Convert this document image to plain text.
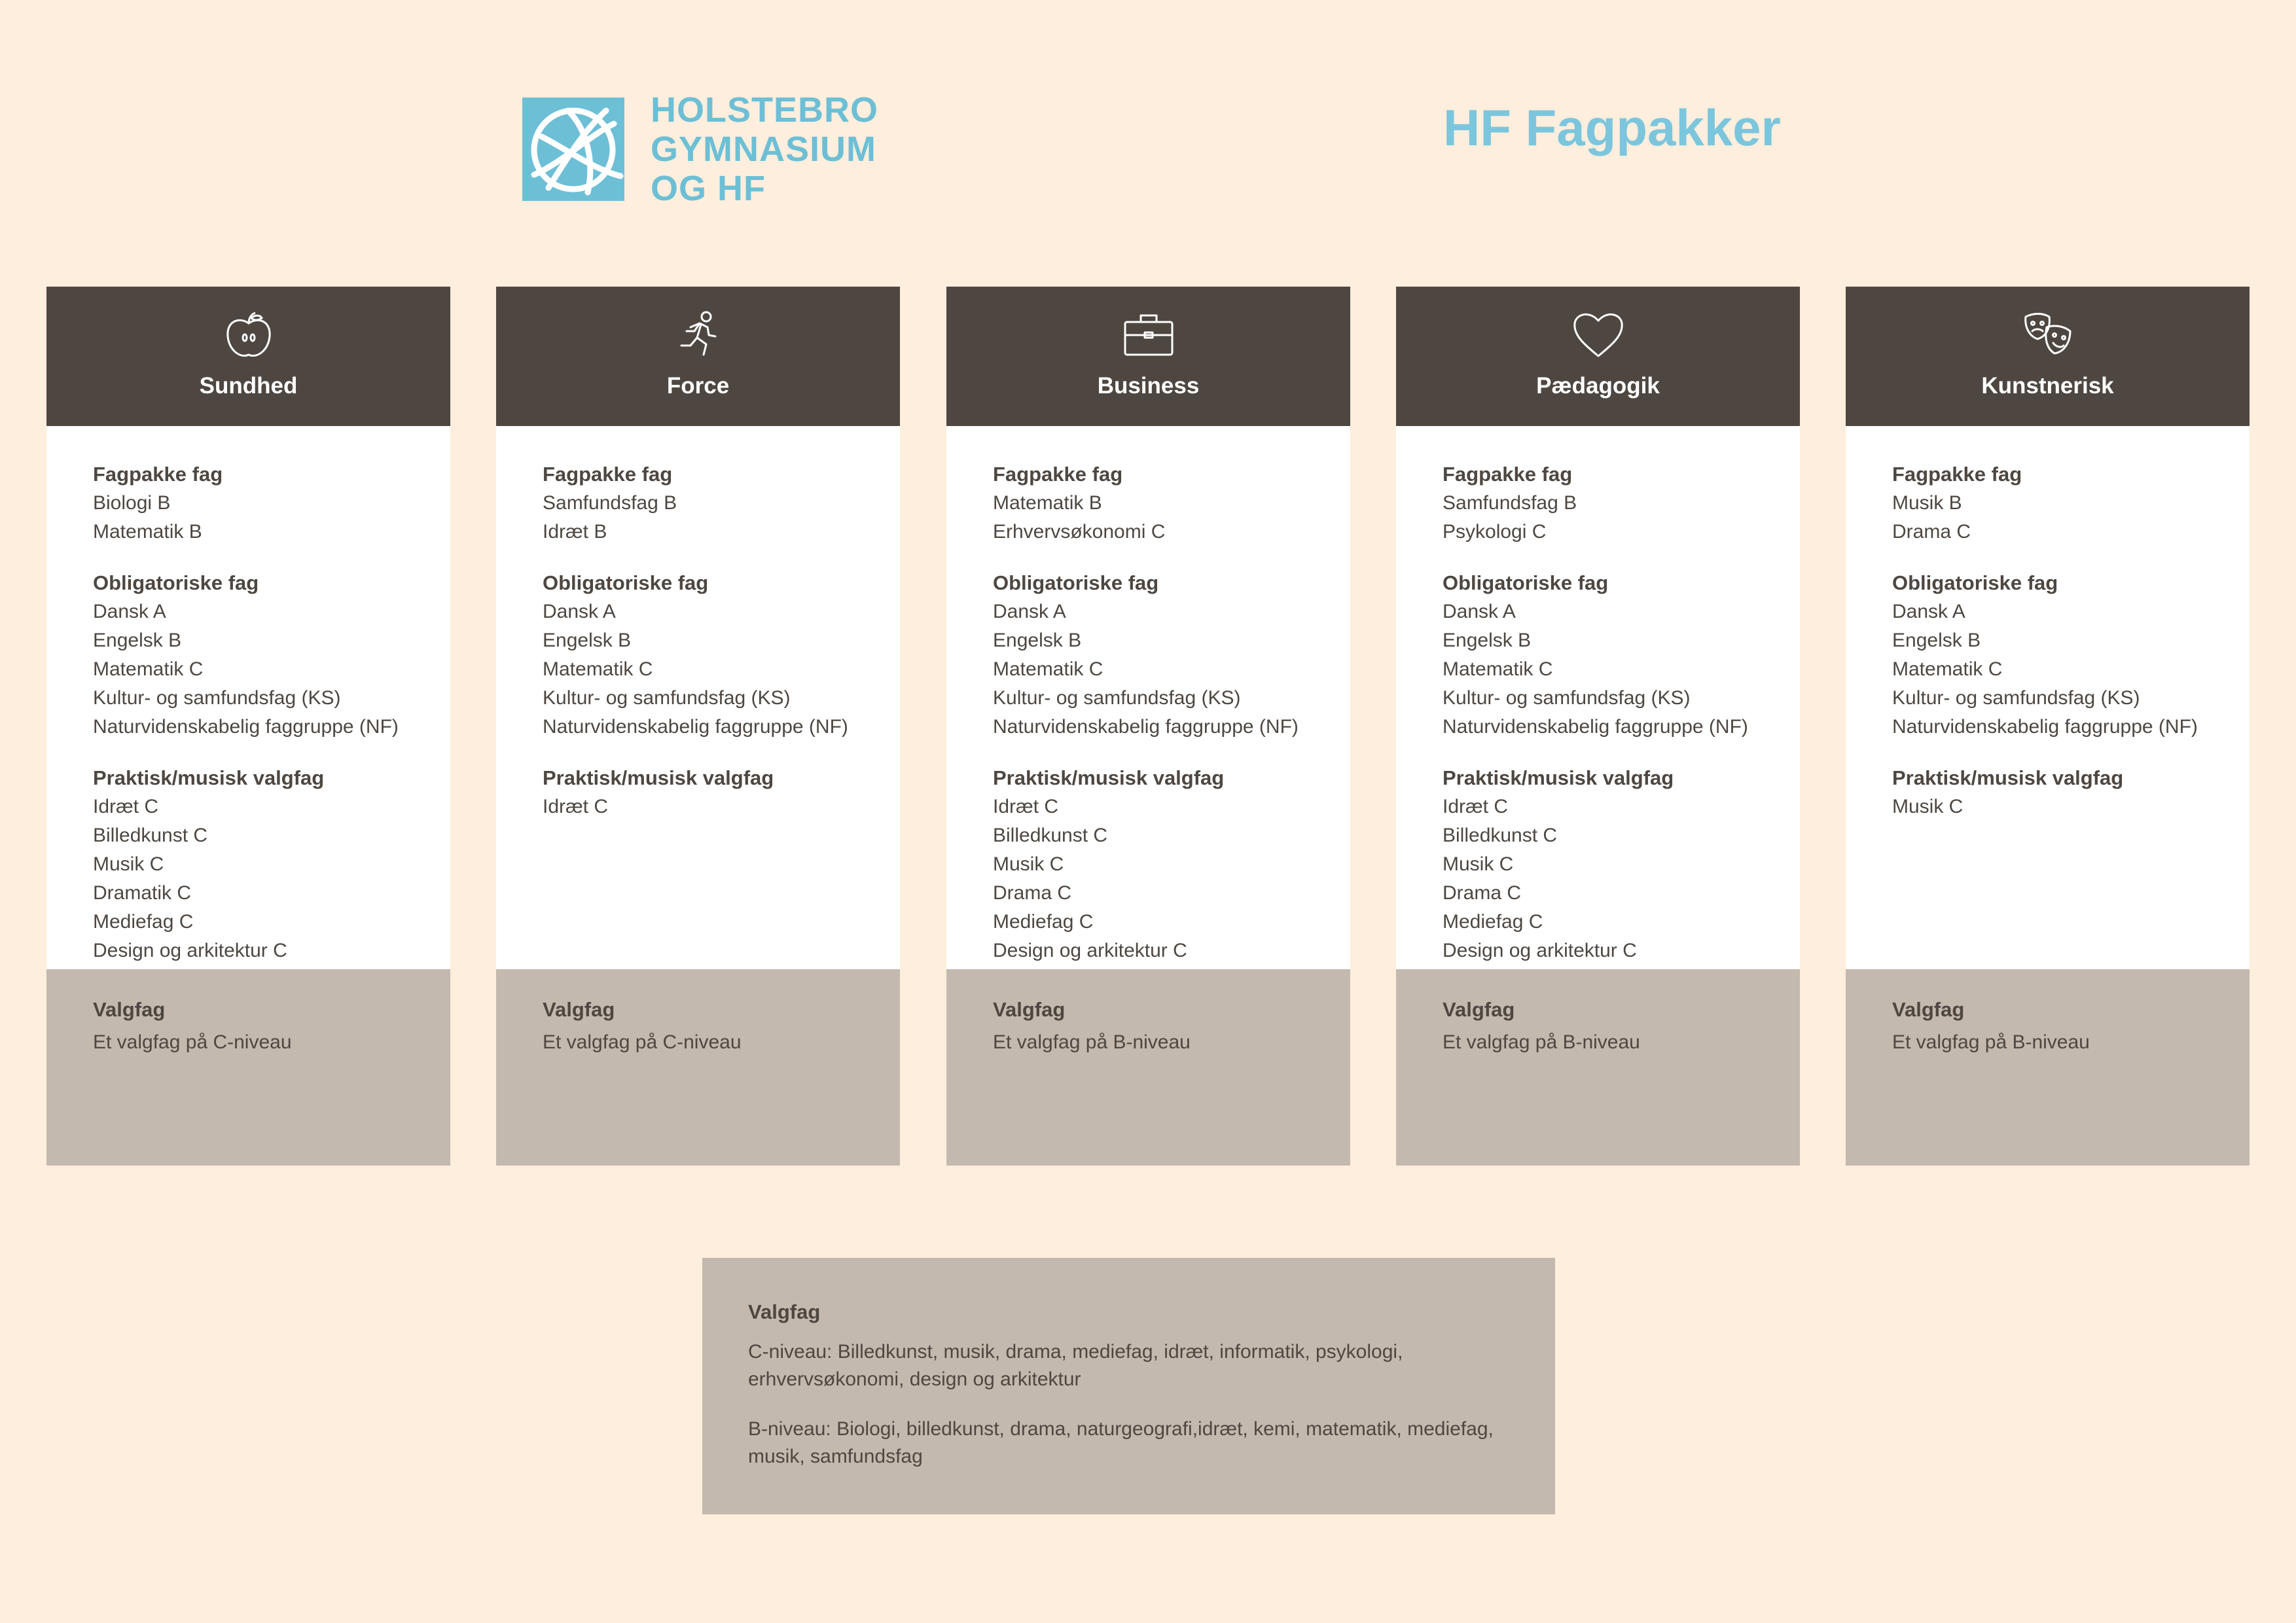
HOLSTEBRO
GYMNASIUM
OG HF
HF Fagpakker
Sundhed
Fagpakke fag
Biologi B
Matematik B
Obligatoriske fag
Dansk A
Engelsk B
Matematik C
Kultur- og samfundsfag (KS)
Naturvidenskabelig faggruppe (NF)
Praktisk/musisk valgfag
Idræt C
Billedkunst C
Musik C
Dramatik C
Mediefag C
Design og arkitektur C
Valgfag
Et valgfag på C-niveau
Force
Fagpakke fag
Samfundsfag B
Idræt B
Obligatoriske fag
Dansk A
Engelsk B
Matematik C
Kultur- og samfundsfag (KS)
Naturvidenskabelig faggruppe (NF)
Praktisk/musisk valgfag
Idræt C
Valgfag
Et valgfag på C-niveau
Business
Fagpakke fag
Matematik B
Erhvervsøkonomi C
Obligatoriske fag
Dansk A
Engelsk B
Matematik C
Kultur- og samfundsfag (KS)
Naturvidenskabelig faggruppe (NF)
Praktisk/musisk valgfag
Idræt C
Billedkunst C
Musik C
Drama C
Mediefag C
Design og arkitektur C
Valgfag
Et valgfag på B-niveau
Pædagogik
Fagpakke fag
Samfundsfag B
Psykologi C
Obligatoriske fag
Dansk A
Engelsk B
Matematik C
Kultur- og samfundsfag (KS)
Naturvidenskabelig faggruppe (NF)
Praktisk/musisk valgfag
Idræt C
Billedkunst C
Musik C
Drama C
Mediefag C
Design og arkitektur C
Valgfag
Et valgfag på B-niveau
Kunstnerisk
Fagpakke fag
Musik B
Drama C
Obligatoriske fag
Dansk A
Engelsk B
Matematik C
Kultur- og samfundsfag (KS)
Naturvidenskabelig faggruppe (NF)
Praktisk/musisk valgfag
Musik C
Valgfag
Et valgfag på B-niveau
Valgfag
C-niveau: Billedkunst, musik, drama, mediefag, idræt, informatik, psykologi, erhvervsøkonomi, design og arkitektur
B-niveau: Biologi, billedkunst, drama, naturgeografi,idræt, kemi, matematik, mediefag, musik, samfundsfag
